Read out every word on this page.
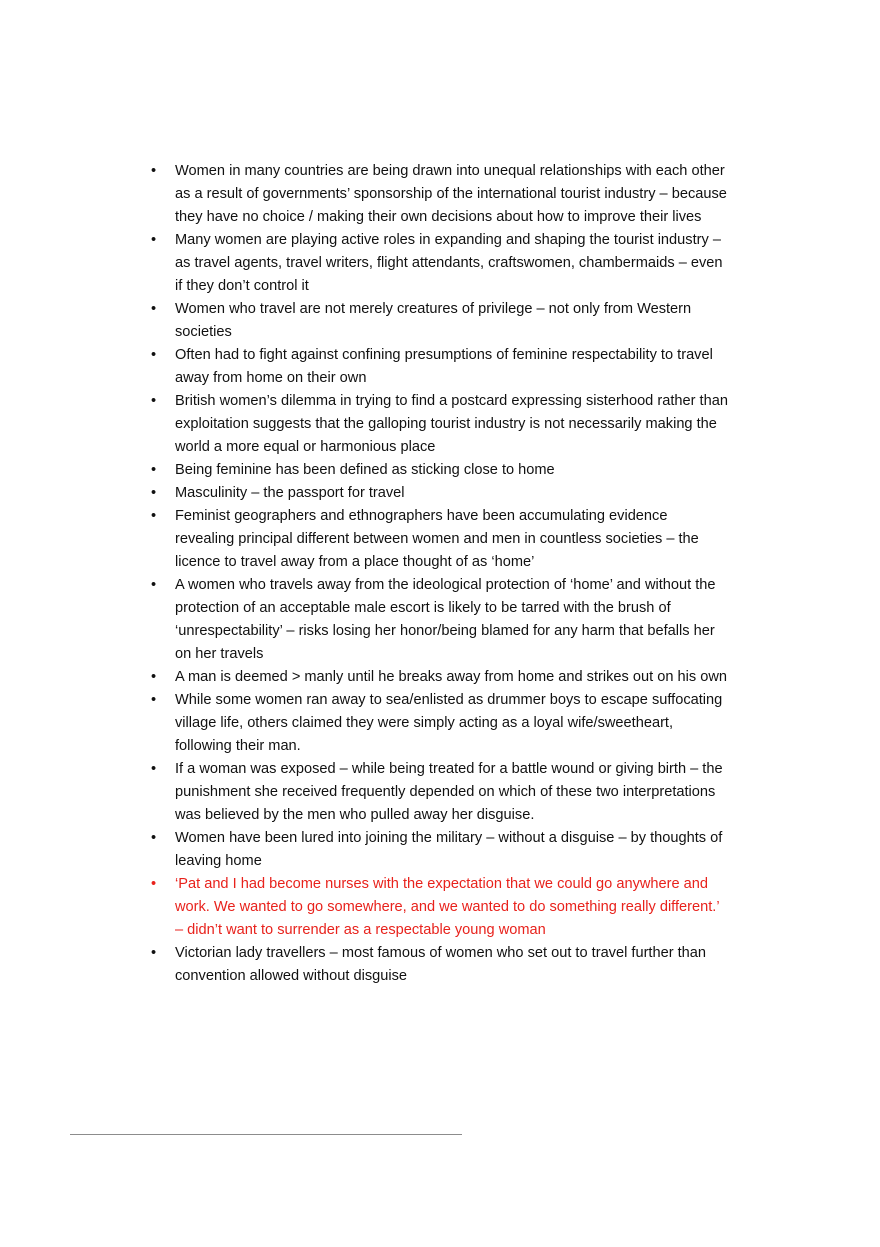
•	Women in many countries are being drawn into unequal relationships with each other as a result of governments’ sponsorship of the international tourist industry – because they have no choice / making their own decisions about how to improve their lives
•	Many women are playing active roles in expanding and shaping the tourist industry – as travel agents, travel writers, flight attendants, craftswomen, chambermaids – even if they don’t control it
•	Women who travel are not merely creatures of privilege – not only from Western societies
•	Often had to fight against confining presumptions of feminine respectability to travel away from home on their own
•	British women’s dilemma in trying to find a postcard expressing sisterhood rather than exploitation suggests that the galloping tourist industry is not necessarily making the world a more equal or harmonious place
•	Being feminine has been defined as sticking close to home
•	Masculinity – the passport for travel
•	Feminist geographers and ethnographers have been accumulating evidence revealing principal different between women and men in countless societies – the licence to travel away from a place thought of as ‘home’
•	A women who travels away from the ideological protection of ‘home’ and without the protection of an acceptable male escort is likely to be tarred with the brush of ‘unrespectability’ – risks losing her honor/being blamed for any harm that befalls her on her travels
•	A man is deemed > manly until he breaks away from home and strikes out on his own
•	While some women ran away to sea/enlisted as drummer boys to escape suffocating village life, others claimed they were simply acting as a loyal wife/sweetheart, following their man.
•	If a woman was exposed – while being treated for a battle wound or giving birth – the punishment she received frequently depended on which of these two interpretations was believed by the men who pulled away her disguise.
•	Women have been lured into joining the military – without a disguise – by thoughts of leaving home
•	‘Pat and I had become nurses with the expectation that we could go anywhere and work. We wanted to go somewhere, and we wanted to do something really different.’ – didn’t want to surrender as a respectable young woman
•	Victorian lady travellers – most famous of women who set out to travel further than convention allowed without disguise
